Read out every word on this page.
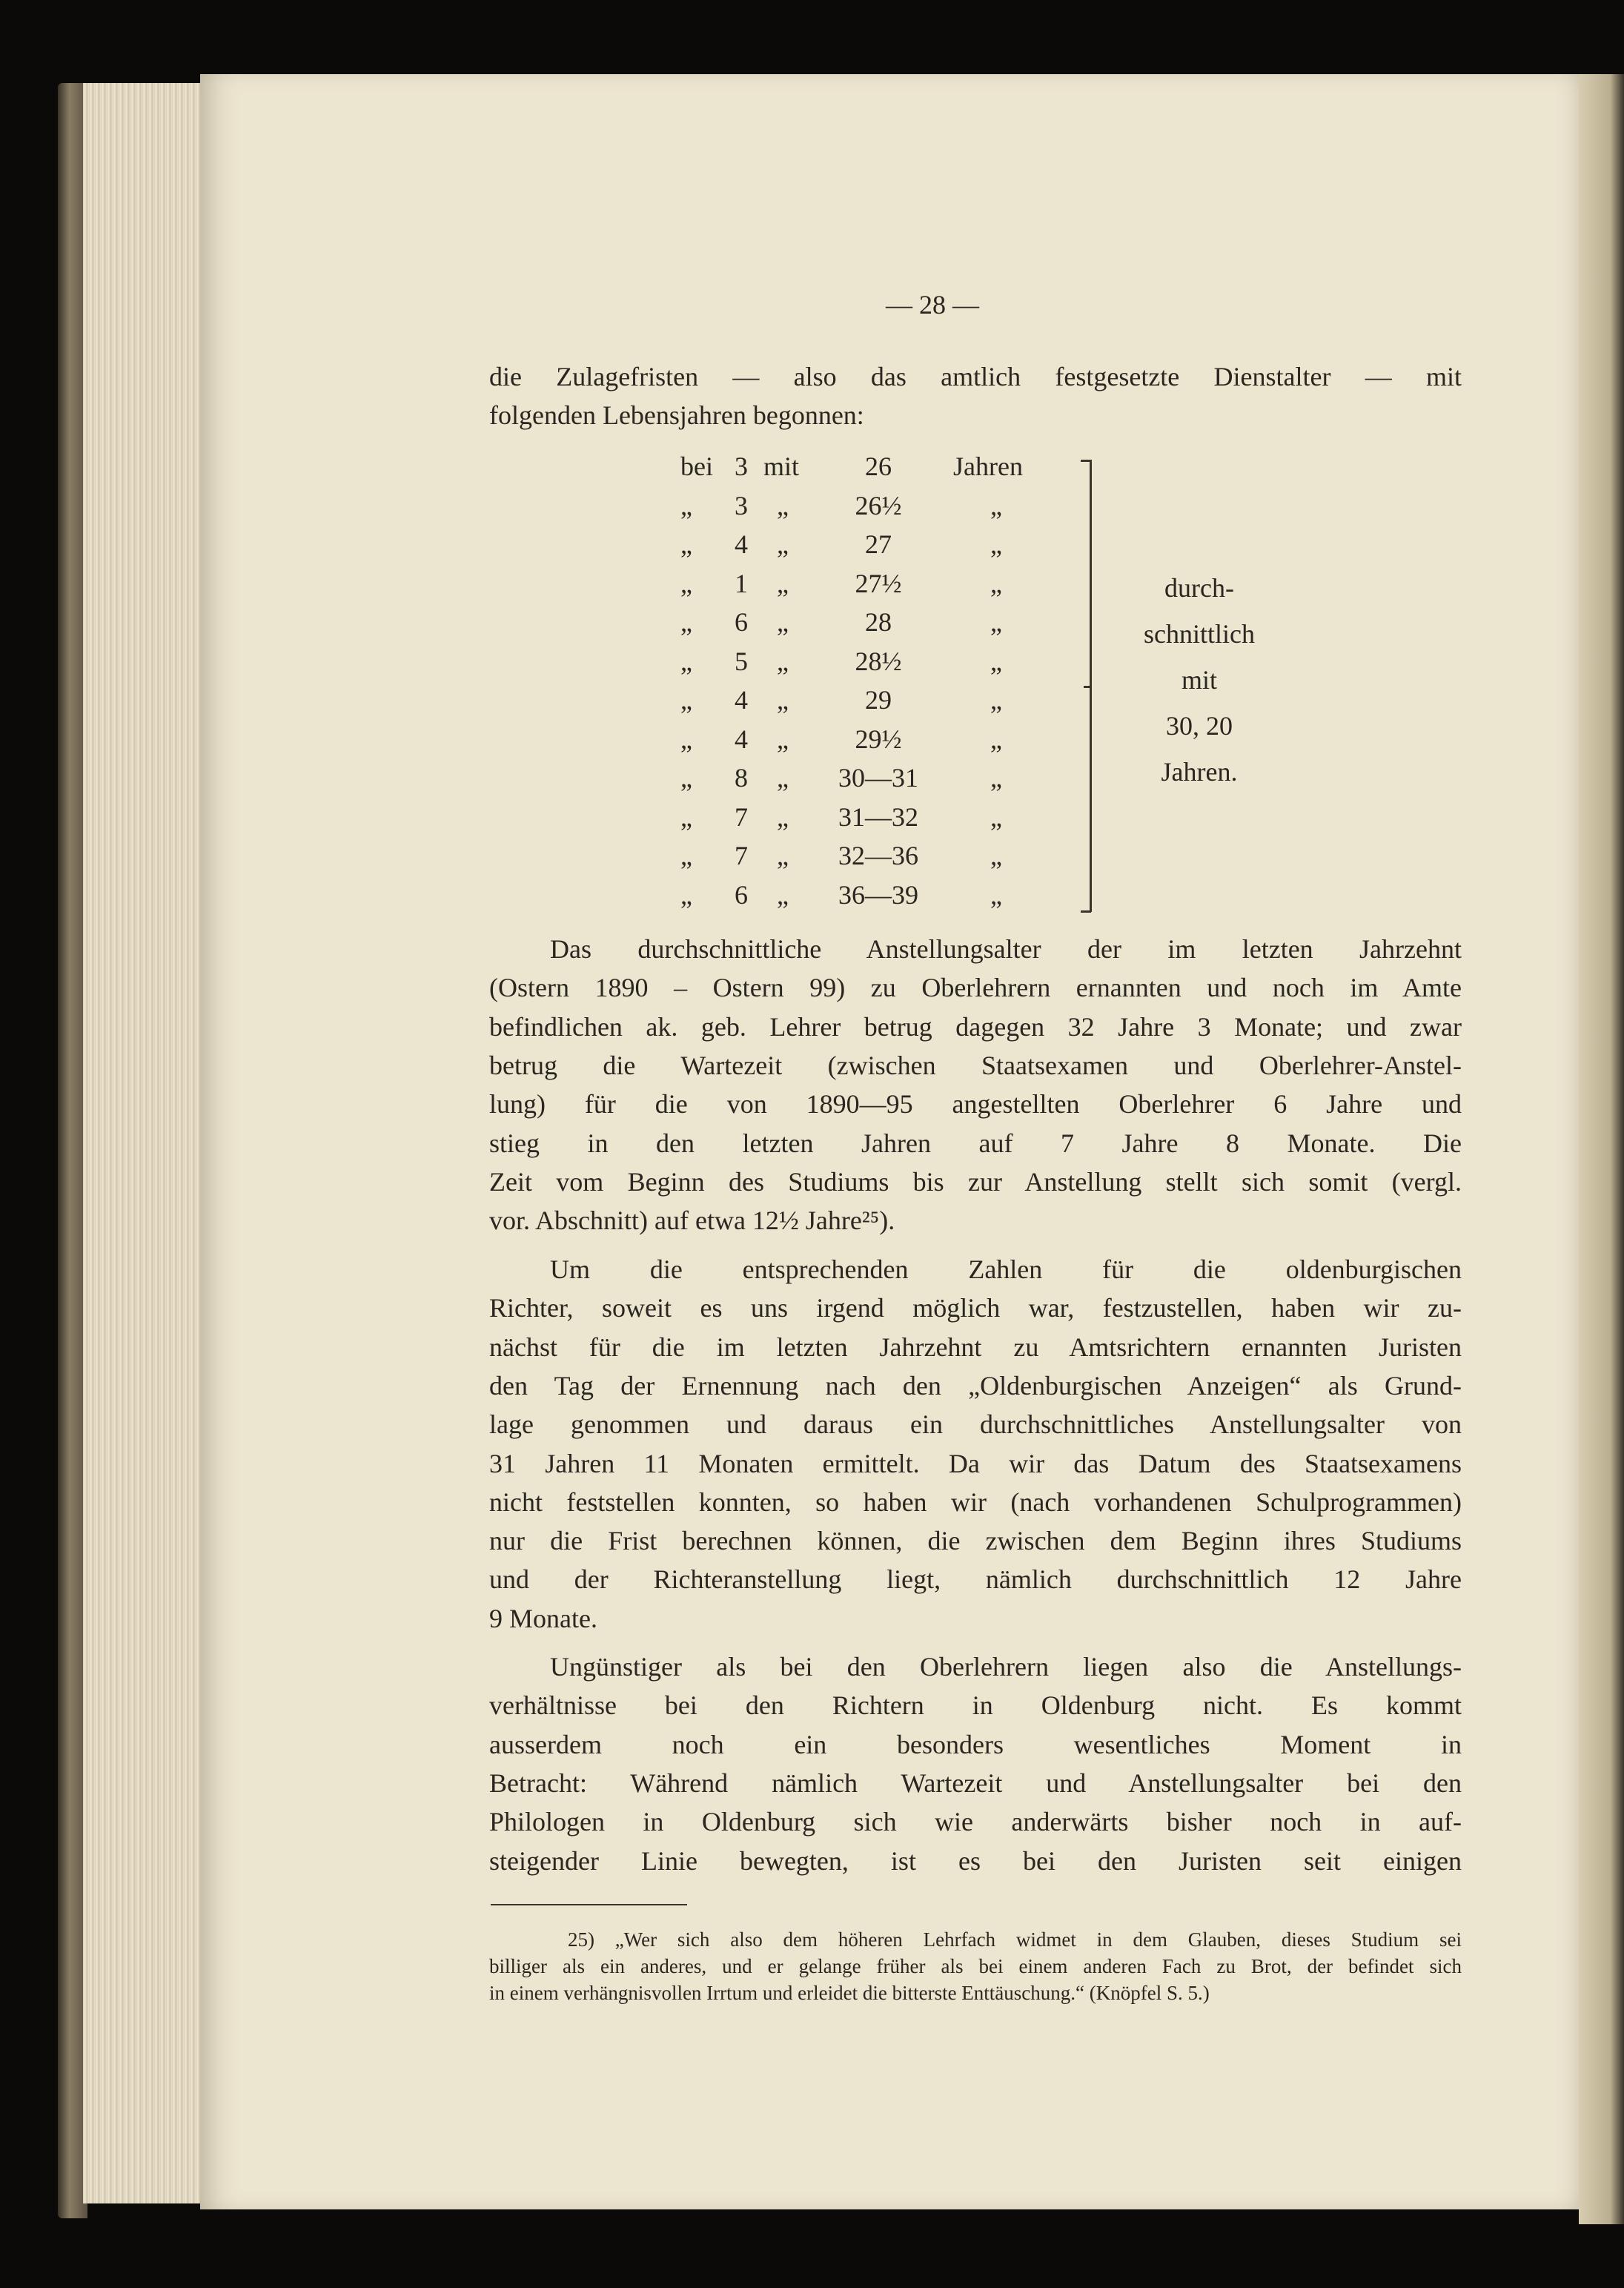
— 28 —
die Zulagefristen — also das amtlich festgesetzte Dienstalter — mit
folgenden Lebensjahren begonnen:
bei 3 mit	26	Jahren
„	3	„	26½	„
„	4	„	27	„
„	1	„	27½	„
„	6	„	28	„
„	5	„	28½	„
„	4	„	29	„
„	4	„	29½	„
„	8	„	30—31	„
„	7	„	31—32	„
„	7	„	32—36	„
„	6	„	36—39	„
durch-
schnittlich
mit
30, 20
Jahren.
Das durchschnittliche Anstellungsalter der im letzten Jahrzehnt
(Ostern 1890 – Ostern 99) zu Oberlehrern ernannten und noch im Amte
befindlichen ak. geb. Lehrer betrug dagegen 32 Jahre 3 Monate; und zwar
betrug die Wartezeit (zwischen Staatsexamen und Oberlehrer-Anstel-
lung) für die von 1890—95 angestellten Oberlehrer 6 Jahre und
stieg in den letzten Jahren auf 7 Jahre 8 Monate. Die
Zeit vom Beginn des Studiums bis zur Anstellung stellt sich somit (vergl.
vor. Abschnitt) auf etwa 12½ Jahre²⁵).
Um die entsprechenden Zahlen für die oldenburgischen
Richter, soweit es uns irgend möglich war, festzustellen, haben wir zu-
nächst für die im letzten Jahrzehnt zu Amtsrichtern ernannten Juristen
den Tag der Ernennung nach den „Oldenburgischen Anzeigen“ als Grund-
lage genommen und daraus ein durchschnittliches Anstellungsalter von
31 Jahren 11 Monaten ermittelt. Da wir das Datum des Staatsexamens
nicht feststellen konnten, so haben wir (nach vorhandenen Schulprogrammen)
nur die Frist berechnen können, die zwischen dem Beginn ihres Studiums
und der Richteranstellung liegt, nämlich durchschnittlich 12 Jahre
9 Monate.
Ungünstiger als bei den Oberlehrern liegen also die Anstellungs-
verhältnisse bei den Richtern in Oldenburg nicht. Es kommt
ausserdem noch ein besonders wesentliches Moment in
Betracht: Während nämlich Wartezeit und Anstellungsalter bei den
Philologen in Oldenburg sich wie anderwärts bisher noch in auf-
steigender Linie bewegten, ist es bei den Juristen seit einigen
25) „Wer sich also dem höheren Lehrfach widmet in dem Glauben, dieses Studium sei
billiger als ein anderes, und er gelange früher als bei einem anderen Fach zu Brot, der befindet sich
in einem verhängnisvollen Irrtum und erleidet die bitterste Enttäuschung.“ (Knöpfel S. 5.)
